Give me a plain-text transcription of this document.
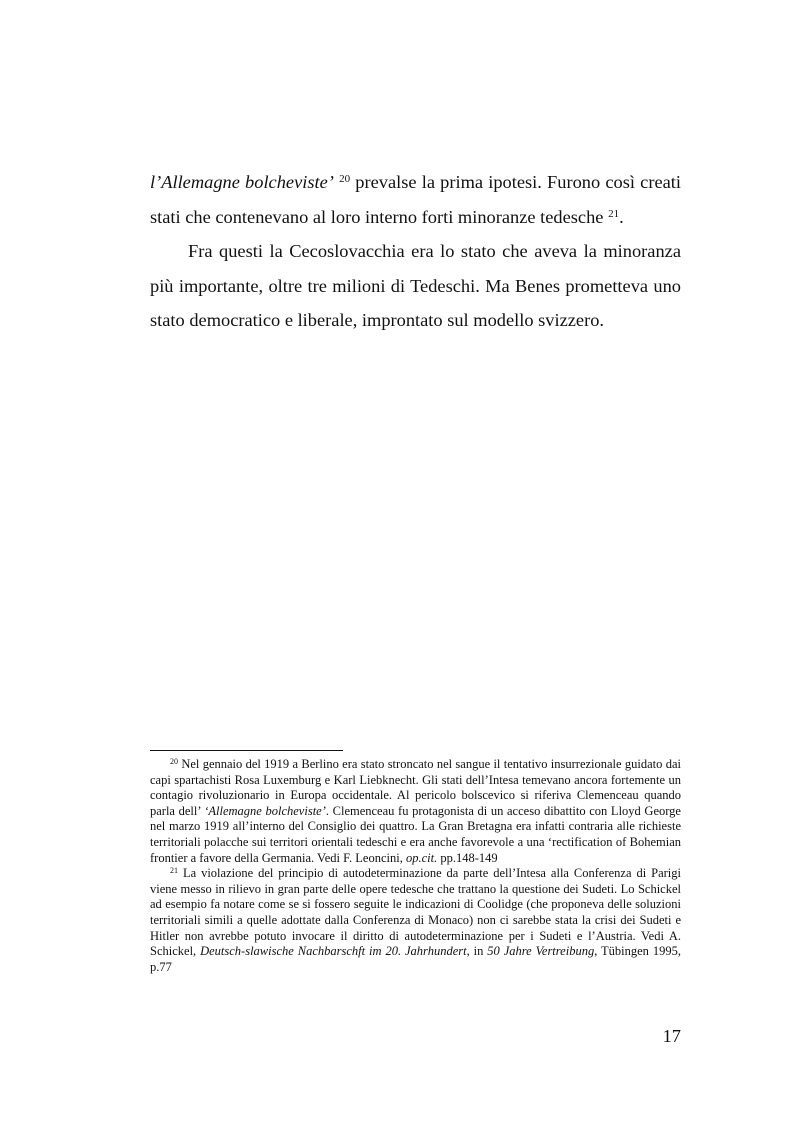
l’Allemagne bolcheviste’ $^{20}$ prevalse la prima ipotesi. Furono così creati stati che contenevano al loro interno forti minoranze tedesche $^{21}$.

Fra questi la Cecoslovacchia era lo stato che aveva la minoranza più importante, oltre tre milioni di Tedeschi. Ma Benes prometteva uno stato democratico e liberale, improntato sul modello svizzero.

$^{20}$ Nel gennaio del 1919 a Berlino era stato stroncato nel sangue il tentativo insurrezionale guidato dai capi spartachisti Rosa Luxemburg e Karl Liebknecht. Gli stati dell’Intesa temevano ancora fortemente un contagio rivoluzionario in Europa occidentale. Al pericolo bolscevico si riferiva Clemenceau quando parla dell’ ‘Allemagne bolcheviste’. Clemenceau fu protagonista di un acceso dibattito con Lloyd George nel marzo 1919 all’interno del Consiglio dei quattro. La Gran Bretagna era infatti contraria alle richieste territoriali polacche sui territori orientali tedeschi e era anche favorevole a una ‘rectification of Bohemian frontier a favore della Germania. Vedi F. Leoncini, op.cit. pp.148-149

$^{21}$ La violazione del principio di autodeterminazione da parte dell’Intesa alla Conferenza di Parigi viene messo in rilievo in gran parte delle opere tedesche che trattano la questione dei Sudeti. Lo Schickel ad esempio fa notare come se si fossero seguite le indicazioni di Coolidge (che proponeva delle soluzioni territoriali simili a quelle adottate dalla Conferenza di Monaco) non ci sarebbe stata la crisi dei Sudeti e Hitler non avrebbe potuto invocare il diritto di autodeterminazione per i Sudeti e l’Austria. Vedi A. Schickel, Deutsch-slawische Nachbarschft im 20. Jahrhundert, in 50 Jahre Vertreibung, Tübingen 1995, p.77

17
